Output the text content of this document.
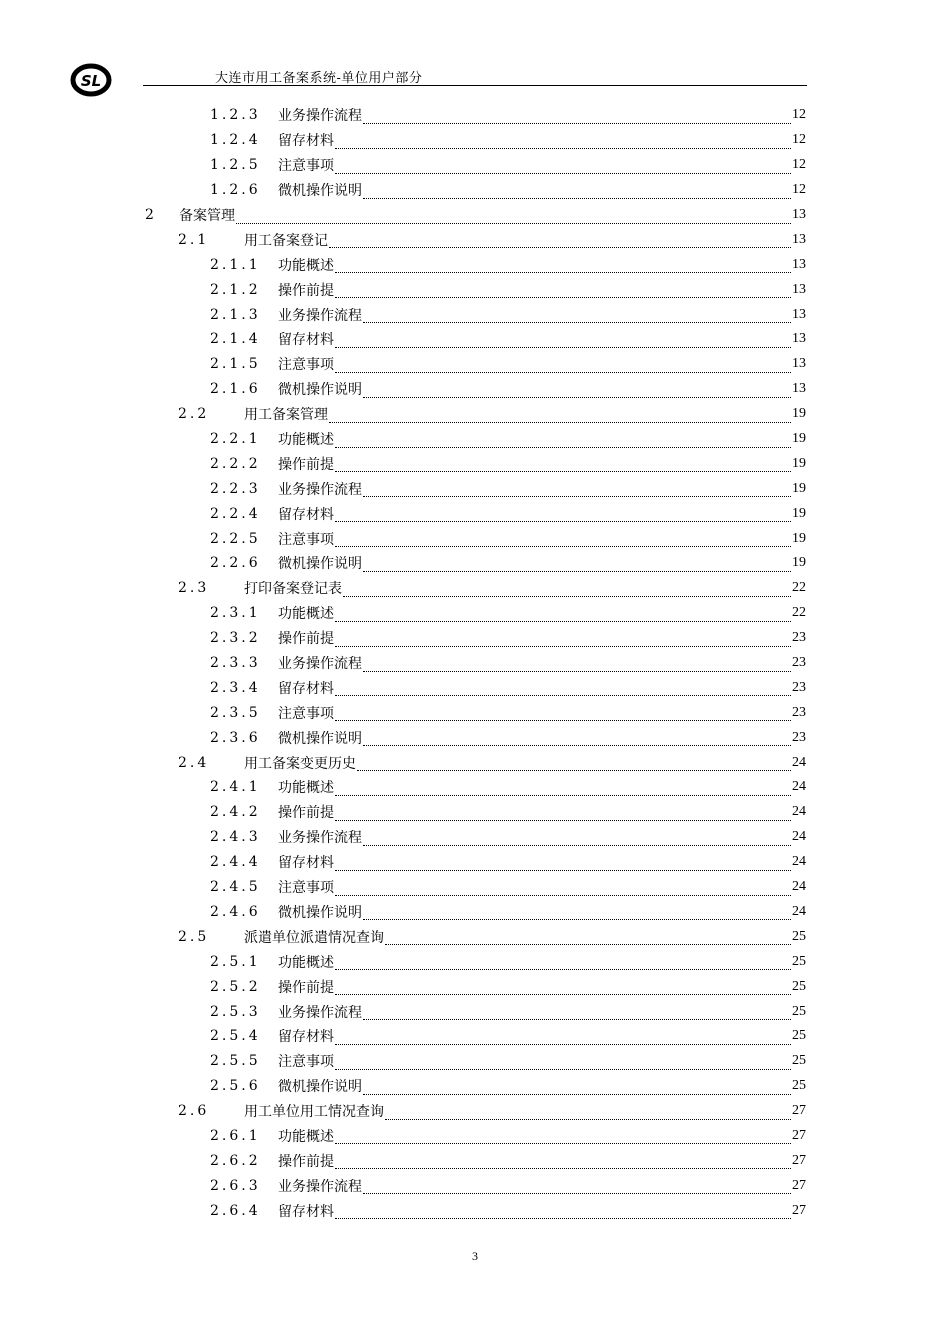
SL	大连市用工备案系统-单位用户部分
1.2.3 业务操作流程	12
1.2.4 留存材料	12
1.2.5 注意事项	12
1.2.6 微机操作说明	12
2 备案管理	13
2.1 用工备案登记	13
2.1.1 功能概述	13
2.1.2 操作前提	13
2.1.3 业务操作流程	13
2.1.4 留存材料	13
2.1.5 注意事项	13
2.1.6 微机操作说明	13
2.2 用工备案管理	19
2.2.1 功能概述	19
2.2.2 操作前提	19
2.2.3 业务操作流程	19
2.2.4 留存材料	19
2.2.5 注意事项	19
2.2.6 微机操作说明	19
2.3 打印备案登记表	22
2.3.1 功能概述	22
2.3.2 操作前提	23
2.3.3 业务操作流程	23
2.3.4 留存材料	23
2.3.5 注意事项	23
2.3.6 微机操作说明	23
2.4 用工备案变更历史	24
2.4.1 功能概述	24
2.4.2 操作前提	24
2.4.3 业务操作流程	24
2.4.4 留存材料	24
2.4.5 注意事项	24
2.4.6 微机操作说明	24
2.5 派遣单位派遣情况查询	25
2.5.1 功能概述	25
2.5.2 操作前提	25
2.5.3 业务操作流程	25
2.5.4 留存材料	25
2.5.5 注意事项	25
2.5.6 微机操作说明	25
2.6 用工单位用工情况查询	27
2.6.1 功能概述	27
2.6.2 操作前提	27
2.6.3 业务操作流程	27
2.6.4 留存材料	27
3
